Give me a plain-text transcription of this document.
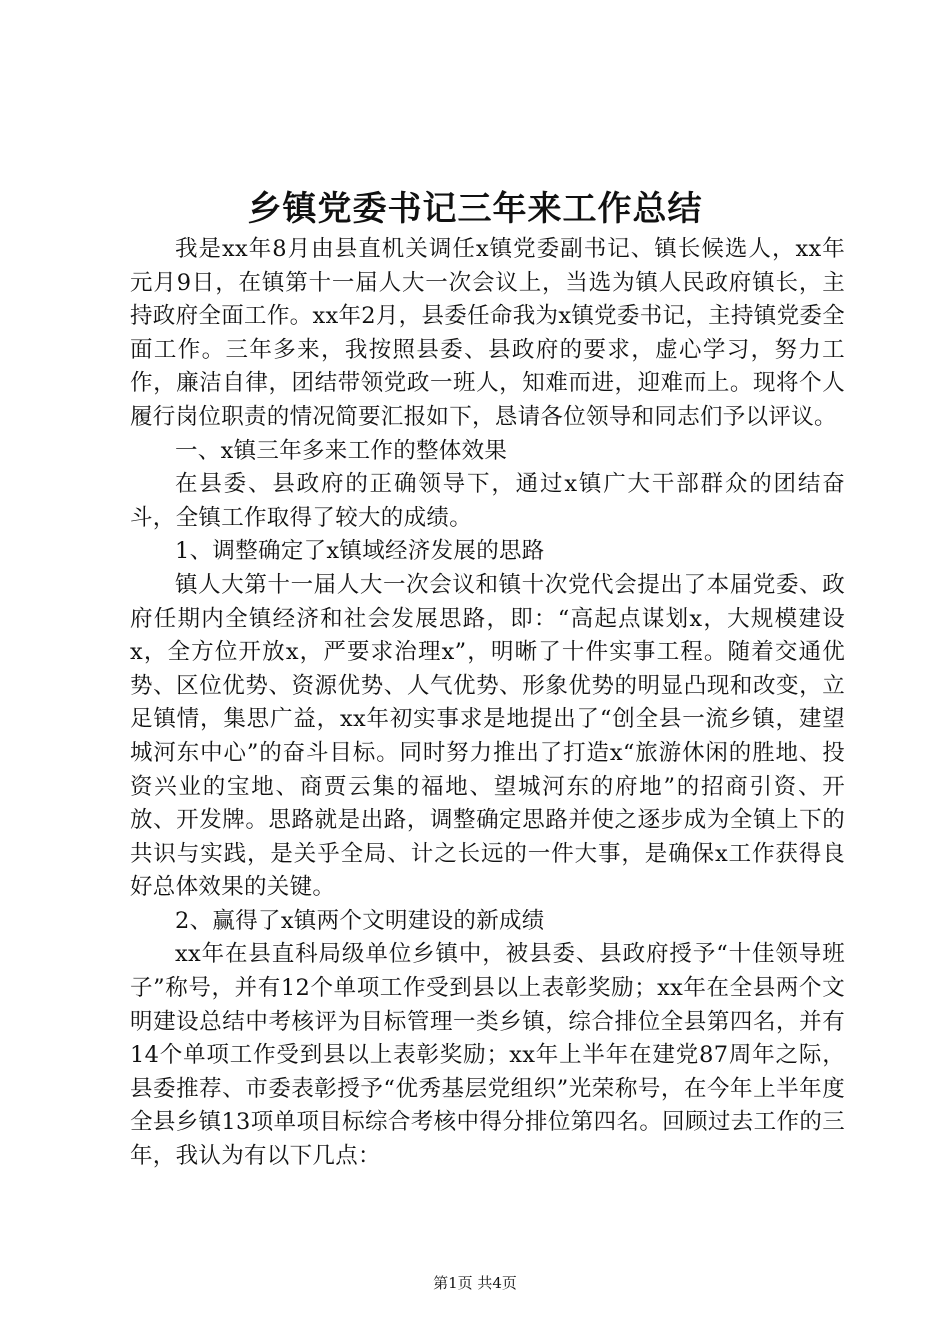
乡镇党委书记三年来工作总结

我是xx年8月由县直机关调任x镇党委副书记、镇长候选人，xx年元月9日，在镇第十一届人大一次会议上，当选为镇人民政府镇长，主持政府全面工作。xx年2月，县委任命我为x镇党委书记，主持镇党委全面工作。三年多来，我按照县委、县政府的要求，虚心学习，努力工作，廉洁自律，团结带领党政一班人，知难而进，迎难而上。现将个人履行岗位职责的情况简要汇报如下，恳请各位领导和同志们予以评议。

一、x镇三年多来工作的整体效果

在县委、县政府的正确领导下，通过x镇广大干部群众的团结奋斗，全镇工作取得了较大的成绩。

1、调整确定了x镇域经济发展的思路

镇人大第十一届人大一次会议和镇十次党代会提出了本届党委、政府任期内全镇经济和社会发展思路，即：“高起点谋划x，大规模建设x，全方位开放x，严要求治理x”，明晰了十件实事工程。随着交通优势、区位优势、资源优势、人气优势、形象优势的明显凸现和改变，立足镇情，集思广益，xx年初实事求是地提出了“创全县一流乡镇，建望城河东中心”的奋斗目标。同时努力推出了打造x“旅游休闲的胜地、投资兴业的宝地、商贾云集的福地、望城河东的府地”的招商引资、开放、开发牌。思路就是出路，调整确定思路并使之逐步成为全镇上下的共识与实践，是关乎全局、计之长远的一件大事，是确保x工作获得良好总体效果的关键。

2、赢得了x镇两个文明建设的新成绩

xx年在县直科局级单位乡镇中，被县委、县政府授予“十佳领导班子”称号，并有12个单项工作受到县以上表彰奖励；xx年在全县两个文明建设总结中考核评为目标管理一类乡镇，综合排位全县第四名，并有14个单项工作受到县以上表彰奖励；xx年上半年在建党87周年之际，县委推荐、市委表彰授予“优秀基层党组织”光荣称号，在今年上半年度全县乡镇13项单项目标综合考核中得分排位第四名。回顾过去工作的三年，我认为有以下几点：

第1页 共4页
